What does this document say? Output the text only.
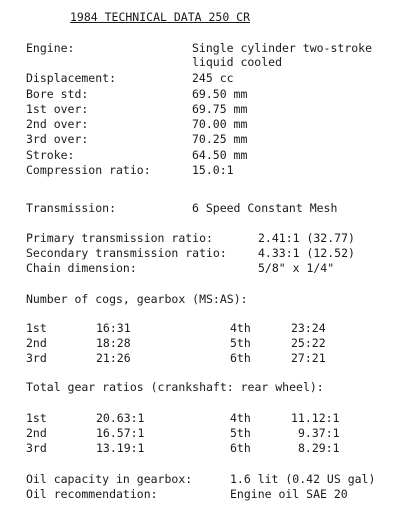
1984 TECHNICAL DATA 250 CR
Engine:	Single cylinder two-stroke
liquid cooled
Displacement:	245 cc
Bore std:	69.50 mm
1st over:	69.75 mm
2nd over:	70.00 mm
3rd over:	70.25 mm
Stroke:	64.50 mm
Compression ratio:	15.0:1
Transmission:	6 Speed Constant Mesh
Primary transmission ratio:	2.41:1 (32.77)
Secondary transmission ratio:	4.33:1 (12.52)
Chain dimension:	5/8" x 1/4"
Number of cogs, gearbox (MS:AS):
1st	16:31	4th	23:24
2nd	18:28	5th	25:22
3rd	21:26	6th	27:21
Total gear ratios (crankshaft: rear wheel):
1st	20.63:1	4th	11.12:1
2nd	16.57:1	5th	9.37:1
3rd	13.19:1	6th	8.29:1
Oil capacity in gearbox:	1.6 lit (0.42 US gal)
Oil recommendation:	Engine oil SAE 20
